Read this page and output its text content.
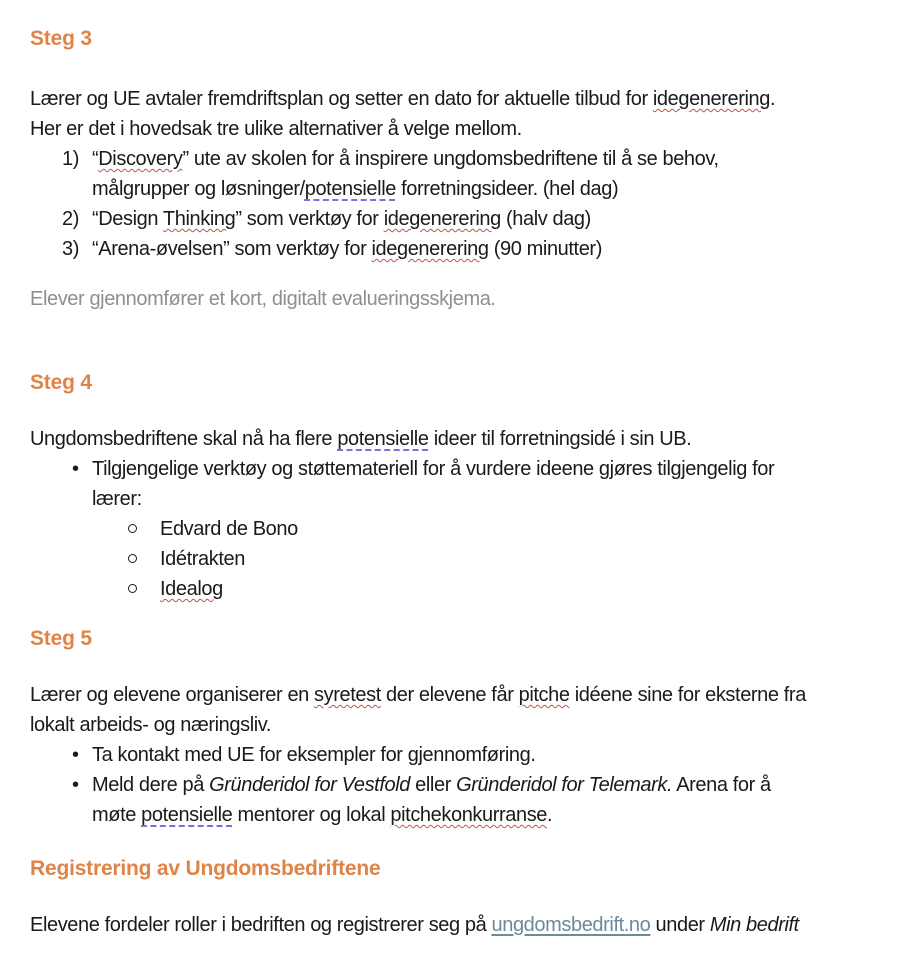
Steg 3
Lærer og UE avtaler fremdriftsplan og setter en dato for aktuelle tilbud for idegenerering.
Her er det i hovedsak tre ulike alternativer å velge mellom.
1) “Discovery” ute av skolen for å inspirere ungdomsbedriftene til å se behov,
målgrupper og løsninger/potensielle forretningsideer. (hel dag)
2) “Design Thinking” som verktøy for idegenerering (halv dag)
3) “Arena-øvelsen” som verktøy for idegenerering (90 minutter)
Elever gjennomfører et kort, digitalt evalueringsskjema.
Steg 4
Ungdomsbedriftene skal nå ha flere potensielle ideer til forretningsidé i sin UB.
• Tilgjengelige verktøy og støttemateriell for å vurdere ideene gjøres tilgjengelig for
lærer:
Edvard de Bono
Idétrakten
Idealog
Steg 5
Lærer og elevene organiserer en syretest der elevene får pitche idéene sine for eksterne fra
lokalt arbeids- og næringsliv.
• Ta kontakt med UE for eksempler for gjennomføring.
• Meld dere på Gründeridol for Vestfold eller Gründeridol for Telemark. Arena for å
møte potensielle mentorer og lokal pitchekonkurranse.
Registrering av Ungdomsbedriftene
Elevene fordeler roller i bedriften og registrerer seg på ungdomsbedrift.no under Min bedrift
